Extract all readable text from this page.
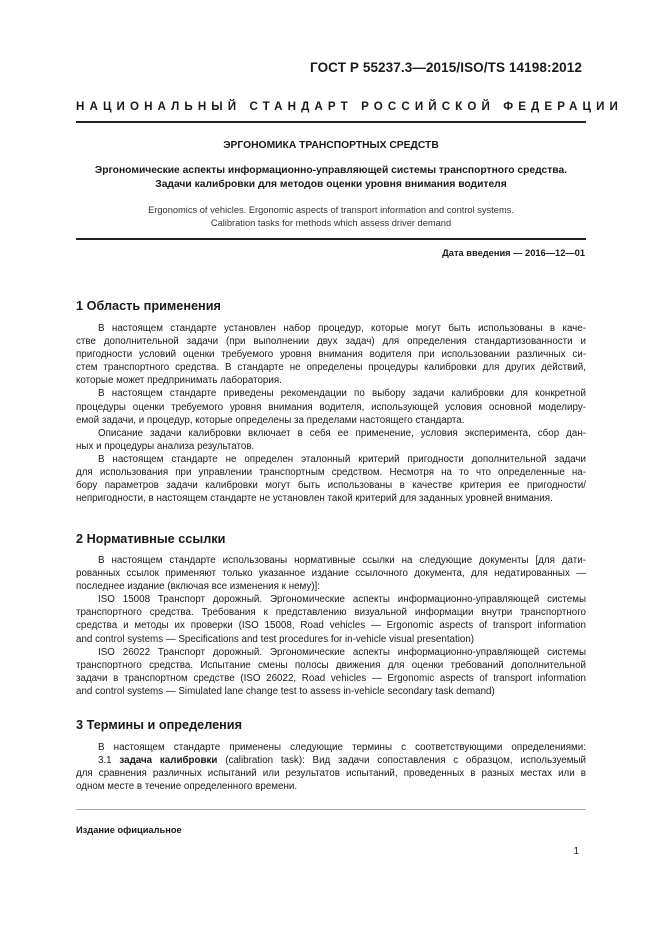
ГОСТ Р 55237.3—2015/ISO/TS 14198:2012
НАЦИОНАЛЬНЫЙ СТАНДАРТ РОССИЙСКОЙ ФЕДЕРАЦИИ
ЭРГОНОМИКА ТРАНСПОРТНЫХ СРЕДСТВ
Эргономические аспекты информационно-управляющей системы транспортного средства.
Задачи калибровки для методов оценки уровня внимания водителя
Ergonomics of vehicles. Ergonomic aspects of transport information and control systems.
Calibration tasks for methods which assess driver demand
Дата введения — 2016—12—01
1 Область применения
В настоящем стандарте установлен набор процедур, которые могут быть использованы в каче-
стве дополнительной задачи (при выполнении двух задач) для определения стандартизованности и
пригодности условий оценки требуемого уровня внимания водителя при использовании различных си-
стем транспортного средства. В стандарте не определены процедуры калибровки для других действий,
которые может предпринимать лаборатория.
В настоящем стандарте приведены рекомендации по выбору задачи калибровки для конкретной
процедуры оценки требуемого уровня внимания водителя, использующей условия основной моделиру-
емой задачи, и процедур, которые определены за пределами настоящего стандарта.
Описание задачи калибровки включает в себя ее применение, условия эксперимента, сбор дан-
ных и процедуры анализа результатов.
В настоящем стандарте не определен эталонный критерий пригодности дополнительной задачи
для использования при управлении транспортным средством. Несмотря на то что определенные на-
бору параметров задачи калибровки могут быть использованы в качестве критерия ее пригодности/
непригодности, в настоящем стандарте не установлен такой критерий для заданных уровней внимания.
2 Нормативные ссылки
В настоящем стандарте использованы нормативные ссылки на следующие документы [для дати-
рованных ссылок применяют только указанное издание ссылочного документа, для недатированных —
последнее издание (включая все изменения к нему)]:
ISO 15008 Транспорт дорожный. Эргономические аспекты информационно-управляющей системы
транспортного средства. Требования к представлению визуальной информации внутри транспортного
средства и методы их проверки (ISO 15008, Road vehicles — Ergonomic aspects of transport information
and control systems — Specifications and test procedures for in-vehicle visual presentation)
ISO 26022 Транспорт дорожный. Эргономические аспекты информационно-управляющей системы
транспортного средства. Испытание смены полосы движения для оценки требований дополнительной
задачи в транспортном средстве (ISO 26022, Road vehicles — Ergonomic aspects of transport information
and control systems — Simulated lane change test to assess in-vehicle secondary task demand)
3 Термины и определения
В настоящем стандарте применены следующие термины с соответствующими определениями:
3.1 задача калибровки (calibration task): Вид задачи сопоставления с образцом, используемый
для сравнения различных испытаний или результатов испытаний, проведенных в разных местах или в
одном месте в течение определенного времени.
Издание официальное
1
